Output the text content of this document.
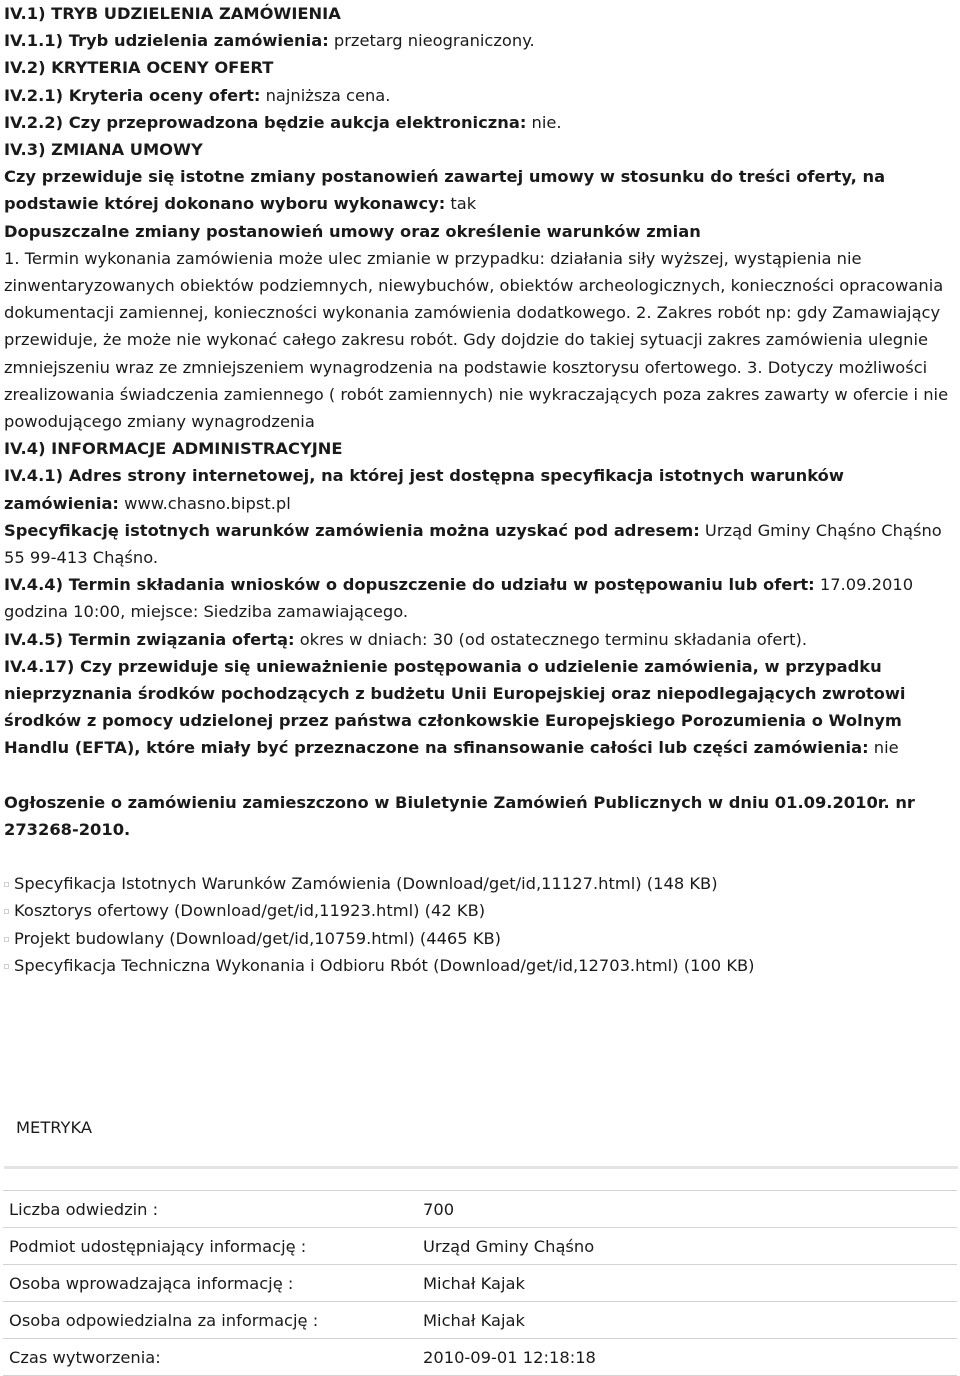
IV.1) TRYB UDZIELENIA ZAMÓWIENIA

IV.1.1) Tryb udzielenia zamówienia: przetarg nieograniczony.

IV.2) KRYTERIA OCENY OFERT

IV.2.1) Kryteria oceny ofert: najniższa cena.

IV.2.2) Czy przeprowadzona będzie aukcja elektroniczna: nie.

IV.3) ZMIANA UMOWY

Czy przewiduje się istotne zmiany postanowień zawartej umowy w stosunku do treści oferty, na podstawie której dokonano wyboru wykonawcy: tak

Dopuszczalne zmiany postanowień umowy oraz określenie warunków zmian

1. Termin wykonania zamówienia może ulec zmianie w przypadku: działania siły wyższej, wystąpienia nie zinwentaryzowanych obiektów podziemnych, niewybuchów, obiektów archeologicznych, konieczności opracowania dokumentacji zamiennej, konieczności wykonania zamówienia dodatkowego. 2. Zakres robót np: gdy Zamawiający przewiduje, że może nie wykonać całego zakresu robót. Gdy dojdzie do takiej sytuacji zakres zamówienia ulegnie zmniejszeniu wraz ze zmniejszeniem wynagrodzenia na podstawie kosztorysu ofertowego. 3. Dotyczy możliwości zrealizowania świadczenia zamiennego ( robót zamiennych) nie wykraczających poza zakres zawarty w ofercie i nie powodującego zmiany wynagrodzenia

IV.4) INFORMACJE ADMINISTRACYJNE

IV.4.1) Adres strony internetowej, na której jest dostępna specyfikacja istotnych warunków zamówienia: www.chasno.bipst.pl

Specyfikację istotnych warunków zamówienia można uzyskać pod adresem: Urząd Gminy Chąśno Chąśno 55 99-413 Chąśno.

IV.4.4) Termin składania wniosków o dopuszczenie do udziału w postępowaniu lub ofert: 17.09.2010 godzina 10:00, miejsce: Siedziba zamawiającego.

IV.4.5) Termin związania ofertą: okres w dniach: 30 (od ostatecznego terminu składania ofert).

IV.4.17) Czy przewiduje się unieważnienie postępowania o udzielenie zamówienia, w przypadku nieprzyznania środków pochodzących z budżetu Unii Europejskiej oraz niepodlegających zwrotowi środków z pomocy udzielonej przez państwa członkowskie Europejskiego Porozumienia o Wolnym Handlu (EFTA), które miały być przeznaczone na sfinansowanie całości lub części zamówienia: nie

Ogłoszenie o zamówieniu zamieszczono w Biuletynie Zamówień Publicznych w dniu 01.09.2010r. nr 273268-2010.

Specyfikacja Istotnych Warunków Zamówienia (Download/get/id,11127.html) (148 KB)
Kosztorys ofertowy (Download/get/id,11923.html) (42 KB)
Projekt budowlany (Download/get/id,10759.html) (4465 KB)
Specyfikacja Techniczna Wykonania i Odbioru Rbót (Download/get/id,12703.html) (100 KB)
METRYKA
Liczba odwiedzin :	700
Podmiot udostępniający informację :	Urząd Gminy Chąśno
Osoba wprowadzająca informację :	Michał Kajak
Osoba odpowiedzialna za informację :	Michał Kajak
Czas wytworzenia:	2010-09-01 12:18:18
